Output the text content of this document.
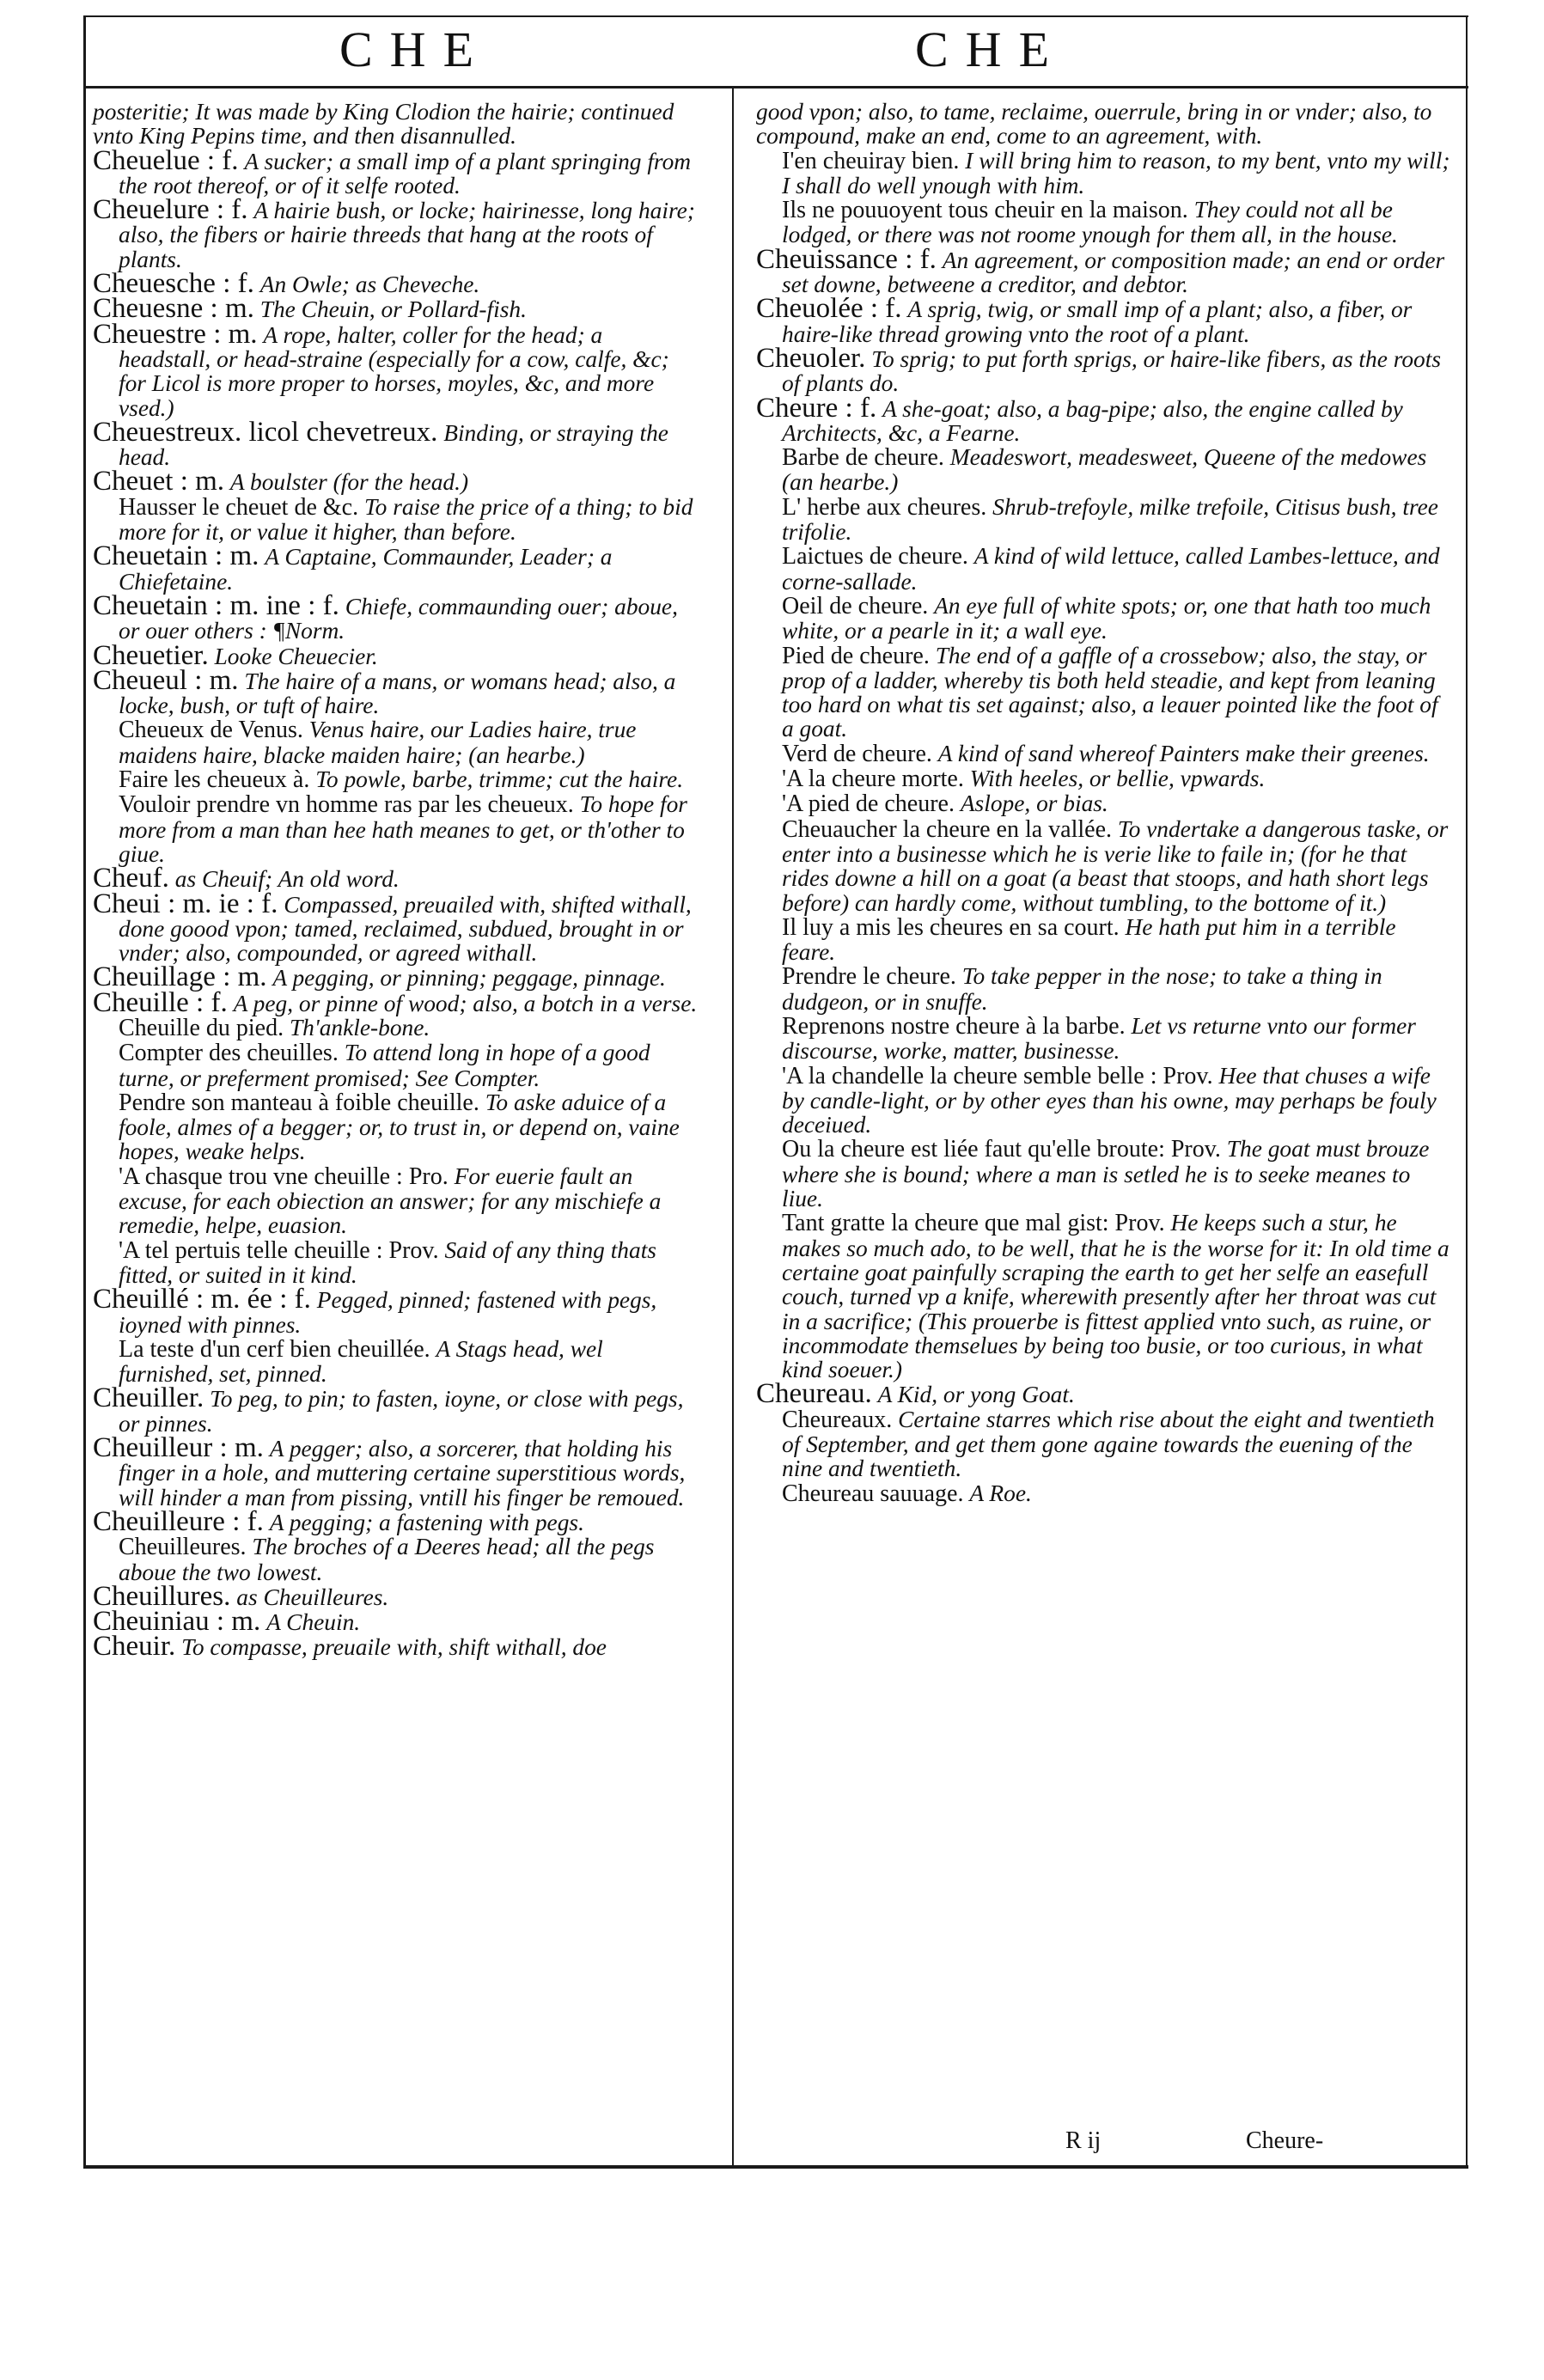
CHE	CHE

posteritie; It was made by King Clodion the hairie; continued vnto King Pepins time, and then disannulled.

Cheuelue : f. A sucker; a small imp of a plant springing from the root thereof, or of it selfe rooted.

Cheuelure : f. A hairie bush, or locke; hairinesse, long haire; also, the fibers or hairie threeds that hang at the roots of plants.

Cheuesche : f. An Owle; as Cheveche.

Cheuesne : m. The Cheuin, or Pollard-fish.

Cheuestre : m. A rope, halter, coller for the head; a headstall, or head-straine (especially for a cow, calfe, &c; for Licol is more proper to horses, moyles, &c, and more vsed.)

Cheuestreux. licol chevetreux. Binding, or straying the head.

Cheuet : m. A boulster (for the head.)

Hausser le cheuet de &c. To raise the price of a thing; to bid more for it, or value it higher, than before.

Cheuetain : m. A Captaine, Commaunder, Leader; a Chiefetaine.

Cheuetain : m. ine : f. Chiefe, commaunding ouer; aboue, or ouer others : ¶Norm.

Cheuetier. Looke Cheuecier.

Cheueul : m. The haire of a mans, or womans head; also, a locke, bush, or tuft of haire.

Cheueux de Venus. Venus haire, our Ladies haire, true maidens haire, blacke maiden haire; (an hearbe.)

Faire les cheueux à. To powle, barbe, trimme; cut the haire.

Vouloir prendre vn homme ras par les cheueux. To hope for more from a man than hee hath meanes to get, or th'other to giue.

Cheuf. as Cheuif; An old word.

Cheui : m. ie : f. Compassed, preuailed with, shifted withall, done goood vpon; tamed, reclaimed, subdued, brought in or vnder; also, compounded, or agreed withall.

Cheuillage : m. A pegging, or pinning; peggage, pinnage.

Cheuille : f. A peg, or pinne of wood; also, a botch in a verse.

Cheuille du pied. Th'ankle-bone.

Compter des cheuilles. To attend long in hope of a good turne, or preferment promised; See Compter.

Pendre son manteau à foible cheuille. To aske aduice of a foole, almes of a begger; or, to trust in, or depend on, vaine hopes, weake helps.

'A chasque trou vne cheuille : Pro. For euerie fault an excuse, for each obiection an answer; for any mischiefe a remedie, helpe, euasion.

'A tel pertuis telle cheuille : Prov. Said of any thing thats fitted, or suited in it kind.

Cheuillé : m. ée : f. Pegged, pinned; fastened with pegs, ioyned with pinnes.

La teste d'un cerf bien cheuillée. A Stags head, wel furnished, set, pinned.

Cheuiller. To peg, to pin; to fasten, ioyne, or close with pegs, or pinnes.

Cheuilleur : m. A pegger; also, a sorcerer, that holding his finger in a hole, and muttering certaine superstitious words, will hinder a man from pissing, vntill his finger be remoued.

Cheuilleure : f. A pegging; a fastening with pegs.

Cheuilleures. The broches of a Deeres head; all the pegs aboue the two lowest.

Cheuillures. as Cheuilleures.

Cheuiniau : m. A Cheuin.

Cheuir. To compasse, preuaile with, shift withall, doe

good vpon; also, to tame, reclaime, ouerrule, bring in or vnder; also, to compound, make an end, come to an agreement, with.

I'en cheuiray bien. I will bring him to reason, to my bent, vnto my will; I shall do well ynough with him.

Ils ne pouuoyent tous cheuir en la maison. They could not all be lodged, or there was not roome ynough for them all, in the house.

Cheuissance : f. An agreement, or composition made; an end or order set downe, betweene a creditor, and debtor.

Cheuolée : f. A sprig, twig, or small imp of a plant; also, a fiber, or haire-like thread growing vnto the root of a plant.

Cheuoler. To sprig; to put forth sprigs, or haire-like fibers, as the roots of plants do.

Cheure : f. A she-goat; also, a bag-pipe; also, the engine called by Architects, &c, a Fearne.

Barbe de cheure. Meadeswort, meadesweet, Queene of the medowes (an hearbe.)

L' herbe aux cheures. Shrub-trefoyle, milke trefoile, Citisus bush, tree trifolie.

Laictues de cheure. A kind of wild lettuce, called Lambes-lettuce, and corne-sallade.

Oeil de cheure. An eye full of white spots; or, one that hath too much white, or a pearle in it; a wall eye.

Pied de cheure. The end of a gaffle of a crossebow; also, the stay, or prop of a ladder, whereby tis both held steadie, and kept from leaning too hard on what tis set against; also, a leauer pointed like the foot of a goat.

Verd de cheure. A kind of sand whereof Painters make their greenes.

'A la cheure morte. With heeles, or bellie, vpwards.

'A pied de cheure. Aslope, or bias.

Cheuaucher la cheure en la vallée. To vndertake a dangerous taske, or enter into a businesse which he is verie like to faile in; (for he that rides downe a hill on a goat (a beast that stoops, and hath short legs before) can hardly come, without tumbling, to the bottome of it.)

Il luy a mis les cheures en sa court. He hath put him in a terrible feare.

Prendre le cheure. To take pepper in the nose; to take a thing in dudgeon, or in snuffe.

Reprenons nostre cheure à la barbe. Let vs returne vnto our former discourse, worke, matter, businesse.

'A la chandelle la cheure semble belle : Prov. Hee that chuses a wife by candle-light, or by other eyes than his owne, may perhaps be fouly deceiued.

Ou la cheure est liée faut qu'elle broute: Prov. The goat must brouze where she is bound; where a man is setled he is to seeke meanes to liue.

Tant gratte la cheure que mal gist: Prov. He keeps such a stur, he makes so much ado, to be well, that he is the worse for it: In old time a certaine goat painfully scraping the earth to get her selfe an easefull couch, turned vp a knife, wherewith presently after her throat was cut in a sacrifice; (This prouerbe is fittest applied vnto such, as ruine, or incommodate themselues by being too busie, or too curious, in what kind soeuer.)

Cheureau. A Kid, or yong Goat.

Cheureaux. Certaine starres which rise about the eight and twentieth of September, and get them gone againe towards the euening of the nine and twentieth.

Cheureau sauuage. A Roe.

R ij	Cheure-
